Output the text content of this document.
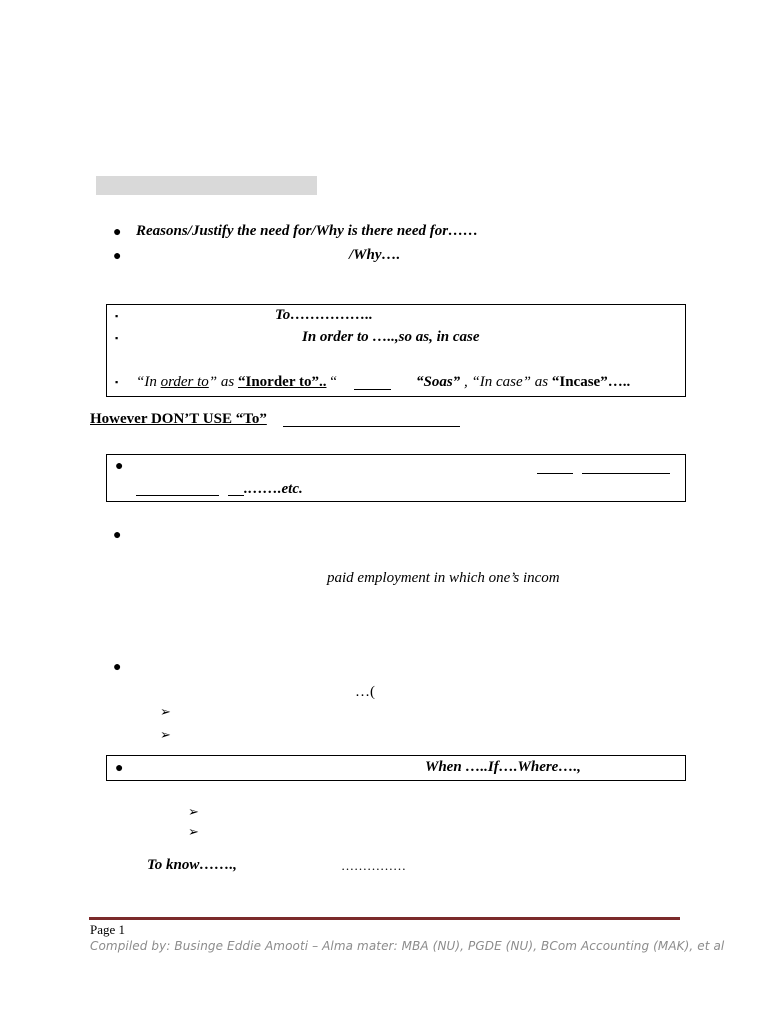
● Reasons/Justify the need for/Why is there need for……
●	/Why….
▪	To……………..
▪	In order to …..,so as, in case
▪ “In order to” as “Inorder to”.. “	“Soas” , “In case” as “Incase”…..
However DON’T USE “To”
●
.…….etc.
●
paid employment in which one’s incom
●
…(
➢
➢
●	When …..If….Where….,
➢
➢
To know…….,	……………
Page 1
Compiled by: Businge Eddie Amooti – Alma mater: MBA (NU), PGDE (NU), BCom Accounting (MAK), et al
